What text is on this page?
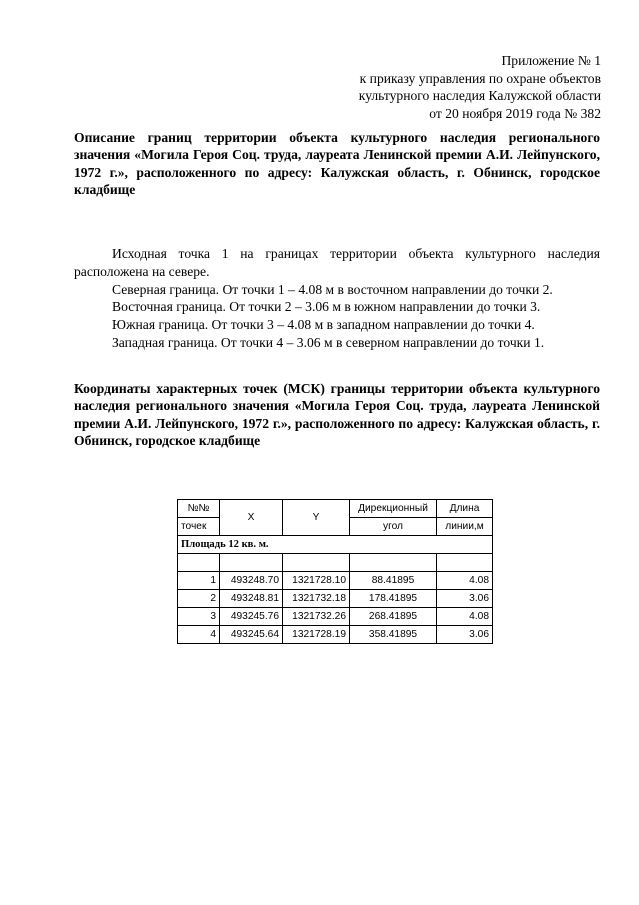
Приложение № 1
к приказу управления по охране объектов
культурного наследия Калужской области
от 20 ноября 2019 года № 382
Описание границ территории объекта культурного наследия регионального значения «Могила Героя Соц. труда, лауреата Ленинской премии А.И. Лейпунского, 1972 г.», расположенного по адресу: Калужская область, г. Обнинск, городское кладбище

Исходная точка 1 на границах территории объекта культурного наследия расположена на севере.

Северная граница. От точки 1 – 4.08 м в восточном направлении до точки 2.

Восточная граница. От точки 2 – 3.06 м в южном направлении до точки 3.

Южная граница. От точки 3 – 4.08 м в западном направлении до точки 4.

Западная граница. От точки 4 – 3.06 м в северном направлении до точки 1.

Координаты характерных точек (МСК) границы территории объекта культурного наследия регионального значения «Могила Героя Соц. труда, лауреата Ленинской премии А.И. Лейпунского, 1972 г.», расположенного по адресу: Калужская область, г. Обнинск, городское кладбище
№№	X	Y	Дирекционный	Длина
точек			угол	линии,м
Площадь 12 кв. м.				

1	493248.70	1321728.10	88.41895	4.08
2	493248.81	1321732.18	178.41895	3.06
3	493245.76	1321732.26	268.41895	4.08
4	493245.64	1321728.19	358.41895	3.06
